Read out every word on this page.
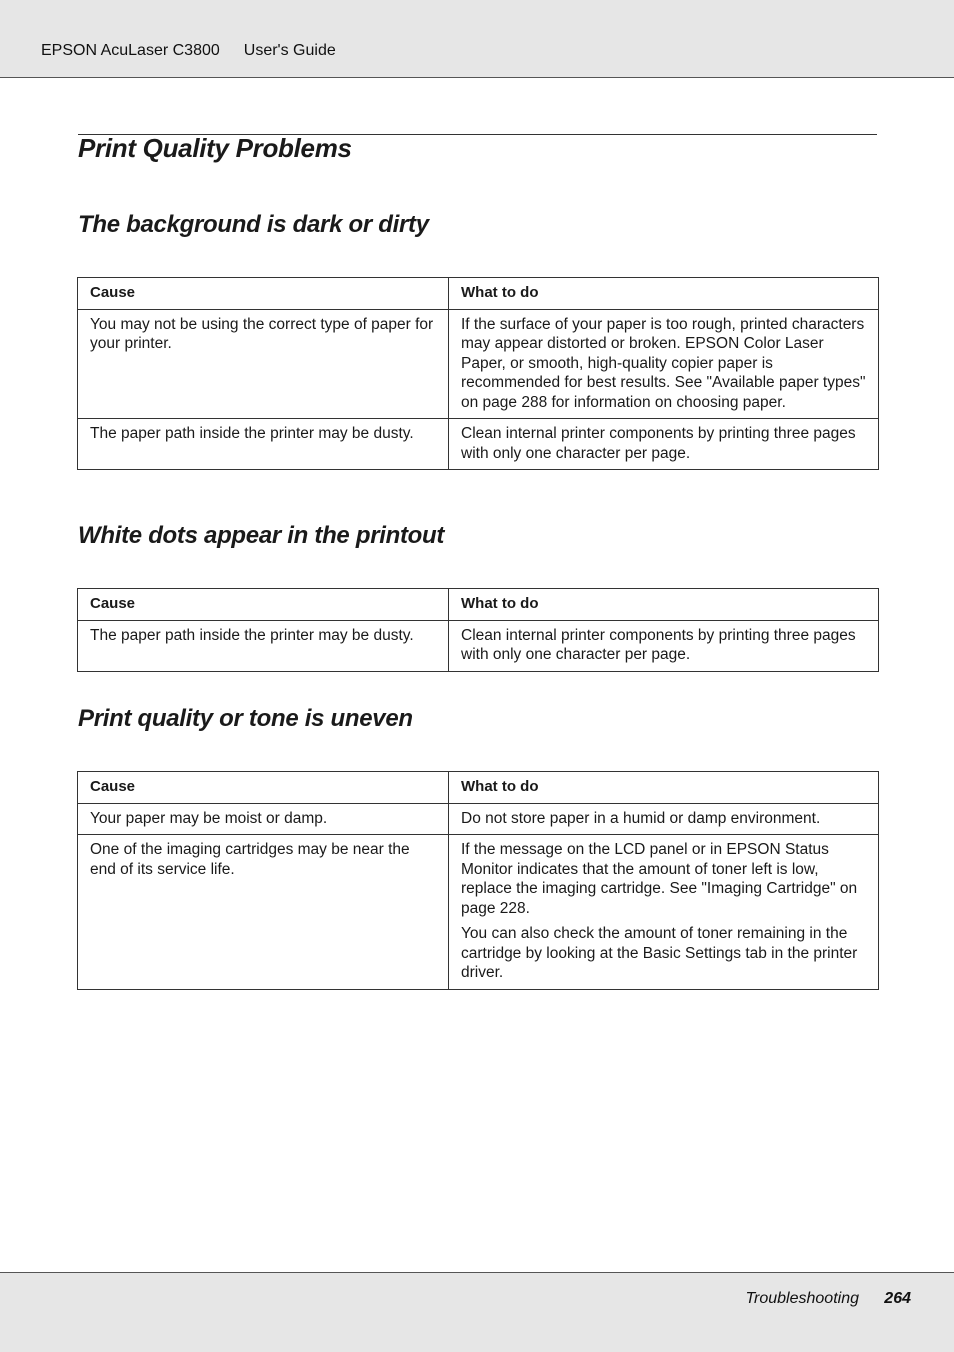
EPSON AcuLaser C3800 User's Guide
Print Quality Problems
The background is dark or dirty
Cause	What to do
You may not be using the correct type of paper for your printer.	If the surface of your paper is too rough, printed characters may appear distorted or broken. EPSON Color Laser Paper, or smooth, high-quality copier paper is recommended for best results. See "Available paper types" on page 288 for information on choosing paper.
The paper path inside the printer may be dusty.	Clean internal printer components by printing three pages with only one character per page.
White dots appear in the printout
Cause	What to do
The paper path inside the printer may be dusty.	Clean internal printer components by printing three pages with only one character per page.
Print quality or tone is uneven
Cause	What to do
Your paper may be moist or damp.	Do not store paper in a humid or damp environment.
One of the imaging cartridges may be near the end of its service life.	If the message on the LCD panel or in EPSON Status Monitor indicates that the amount of toner left is low, replace the imaging cartridge. See "Imaging Cartridge" on page 228.
You can also check the amount of toner remaining in the cartridge by looking at the Basic Settings tab in the printer driver.
Troubleshooting 264
